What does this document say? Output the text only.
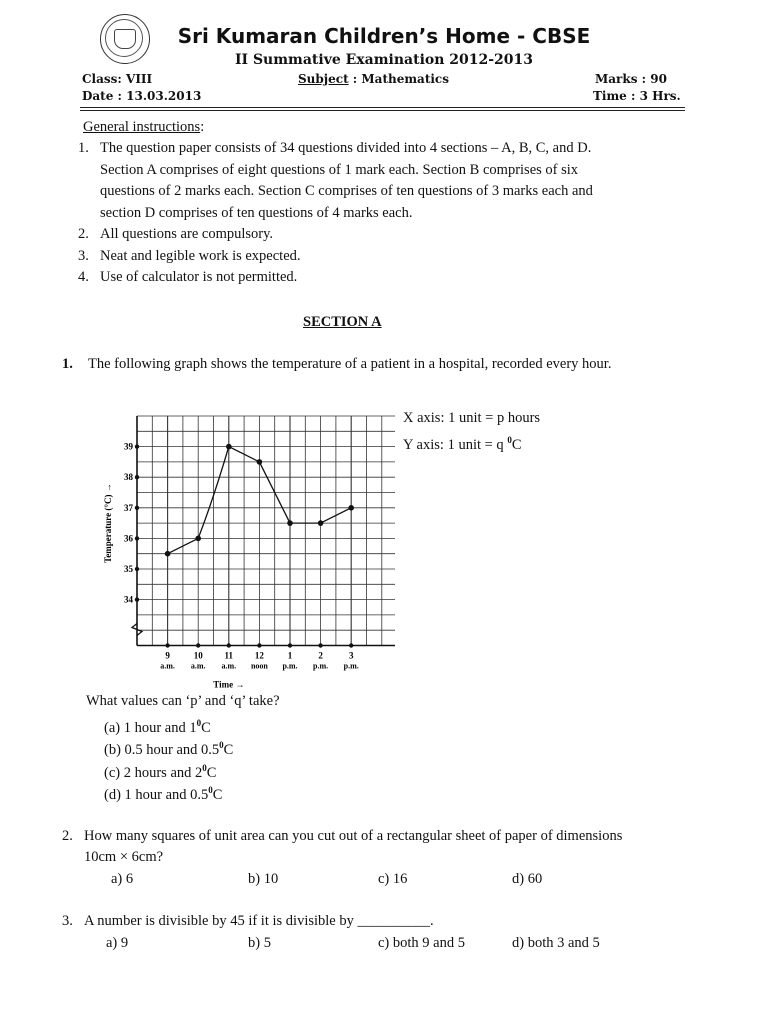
Sri Kumaran Children’s Home - CBSE
II Summative Examination 2012-2013
Class: VIII	Subject : Mathematics	Marks : 90
Date : 13.03.2013	Time : 3 Hrs.
General instructions:
1. The question paper consists of 34 questions divided into 4 sections – A, B, C, and D.
Section A comprises of eight questions of 1 mark each. Section B comprises of six
questions of 2 marks each. Section C comprises of ten questions of 3 marks each and
section D comprises of ten questions of 4 marks each.
2. All questions are compulsory.
3. Neat and legible work is expected.
4. Use of calculator is not permitted.
SECTION A
1. The following graph shows the temperature of a patient in a hospital, recorded every hour.
34
35
36
37
38
39
9
a.m.
10
a.m.
11
a.m.
12
noon
1
p.m.
2
p.m.
3
p.m.
Time →
Temperature (°C) →
X axis: 1 unit = p hours
Y axis: 1 unit = q $^0$C
What values can ‘p’ and ‘q’ take?
(a) 1 hour and $1^0C$
(b) 0.5 hour and $0.5^0C$
(c) 2 hours and $2^0C$
(d) 1 hour and $0.5^0C$
2. How many squares of unit area can you cut out of a rectangular sheet of paper of dimensions
10cm × 6cm?
a) 6	b) 10	c) 16	d) 60
3. A number is divisible by 45 if it is divisible by __________.
a) 9	b) 5	c) both 9 and 5	d) both 3 and 5
